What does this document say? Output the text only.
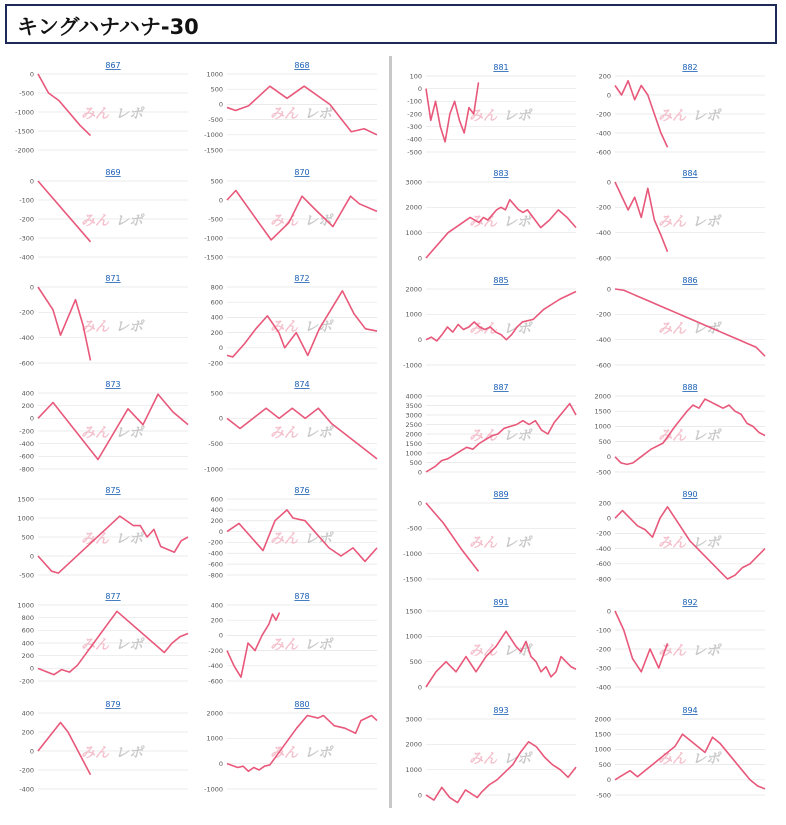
キングハナハナ-30
867
0
-500
-1000
-1500
-2000
みん レポ
868
1000
500
0
-500
-1000
-1500
みん レポ
869
0
-100
-200
-300
-400
みん レポ
870
500
0
-500
-1000
-1500
みん レポ
871
0
-200
-400
-600
みん レポ
872
800
600
400
200
0
-200
みん レポ
873
400
200
0
-200
-400
-600
-800
みん レポ
874
500
0
-500
-1000
みん レポ
875
1500
1000
500
0
-500
みん レポ
876
600
400
200
0
-200
-400
-600
-800
みん レポ
877
1000
800
600
400
200
0
-200
みん レポ
878
400
200
0
-200
-400
-600
みん レポ
879
400
200
0
-200
-400
みん レポ
880
2000
1000
0
-1000
みん レポ
881
100
0
-100
-200
-300
-400
-500
みん レポ
882
200
0
-200
-400
-600
みん レポ
883
3000
2000
1000
0
みん レポ
884
0
-200
-400
-600
みん レポ
885
2000
1000
0
-1000
みん レポ
886
0
-200
-400
-600
みん レポ
887
4000
3500
3000
2500
2000
1500
1000
500
0
みん レポ
888
2000
1500
1000
500
0
-500
みん レポ
889
0
-500
-1000
-1500
みん レポ
890
200
0
-200
-400
-600
-800
みん レポ
891
1500
1000
500
0
みん レポ
892
0
-100
-200
-300
-400
みん レポ
893
3000
2000
1000
0
みん レポ
894
2000
1500
1000
500
0
-500
みん レポ
